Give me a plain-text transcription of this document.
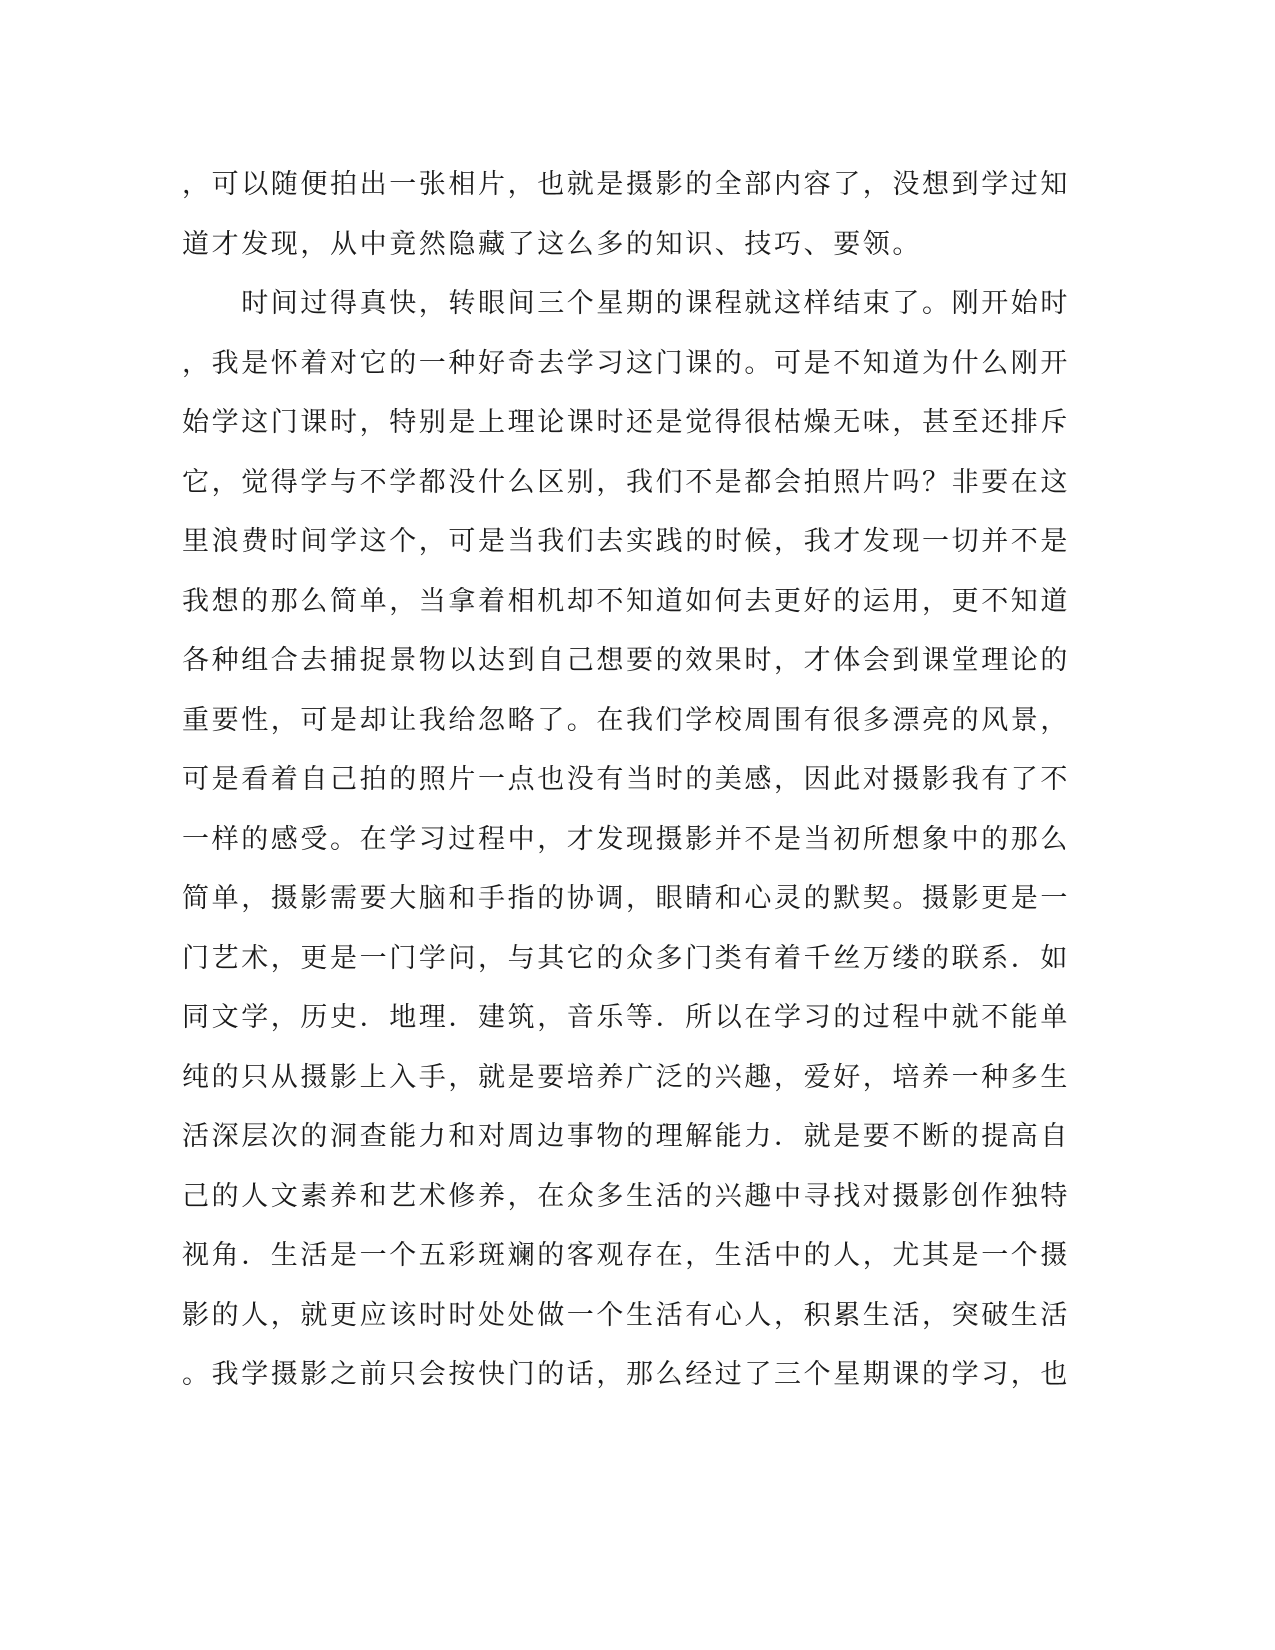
，可以随便拍出一张相片，也就是摄影的全部内容了，没想到学过知
道才发现，从中竟然隐藏了这么多的知识、技巧、要领。
　　时间过得真快，转眼间三个星期的课程就这样结束了。刚开始时
，我是怀着对它的一种好奇去学习这门课的。可是不知道为什么刚开
始学这门课时，特别是上理论课时还是觉得很枯燥无味，甚至还排斥
它，觉得学与不学都没什么区别，我们不是都会拍照片吗？非要在这
里浪费时间学这个，可是当我们去实践的时候，我才发现一切并不是
我想的那么简单，当拿着相机却不知道如何去更好的运用，更不知道
各种组合去捕捉景物以达到自己想要的效果时，才体会到课堂理论的
重要性，可是却让我给忽略了。在我们学校周围有很多漂亮的风景，
可是看着自己拍的照片一点也没有当时的美感，因此对摄影我有了不
一样的感受。在学习过程中，才发现摄影并不是当初所想象中的那么
简单，摄影需要大脑和手指的协调，眼睛和心灵的默契。摄影更是一
门艺术，更是一门学问，与其它的众多门类有着千丝万缕的联系．如
同文学，历史．地理．建筑，音乐等．所以在学习的过程中就不能单
纯的只从摄影上入手，就是要培养广泛的兴趣，爱好，培养一种多生
活深层次的洞查能力和对周边事物的理解能力．就是要不断的提高自
己的人文素养和艺术修养，在众多生活的兴趣中寻找对摄影创作独特
视角．生活是一个五彩斑斓的客观存在，生活中的人，尤其是一个摄
影的人，就更应该时时处处做一个生活有心人，积累生活，突破生活
。我学摄影之前只会按快门的话，那么经过了三个星期课的学习，也
